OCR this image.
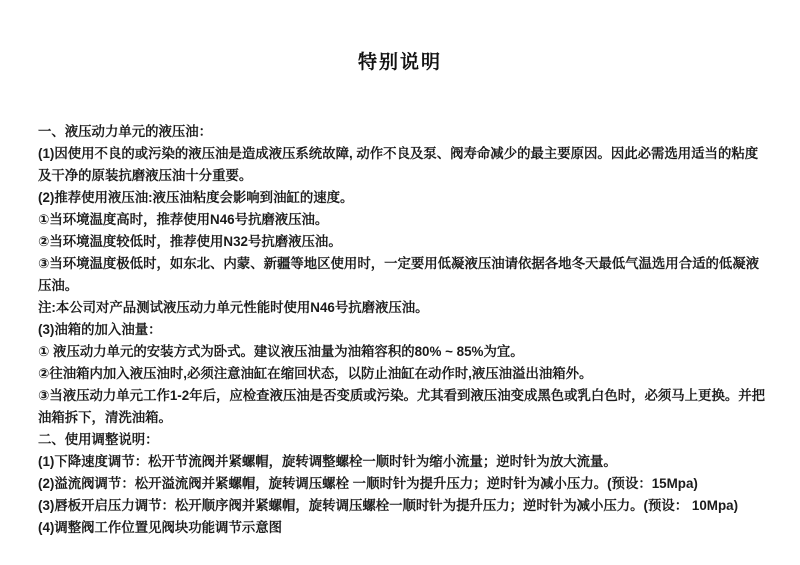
特别说明

一、液压动力单元的液压油：

(1)因使用不良的或污染的液压油是造成液压系统故障, 动作不良及泵、阀寿命减少的最主要原因。因此必需选用适当的粘度及干净的原装抗磨液压油十分重要。

(2)推荐使用液压油:液压油粘度会影响到油缸的速度。

①当环境温度高时，推荐使用N46号抗磨液压油。

②当环境温度较低时，推荐使用N32号抗磨液压油。

③当环境温度极低时，如东北、内蒙、新疆等地区使用时，一定要用低凝液压油请依据各地冬天最低气温选用合适的低凝液压油。

注:本公司对产品测试液压动力单元性能时使用N46号抗磨液压油。

(3)油箱的加入油量：

① 液压动力单元的安装方式为卧式。建议液压油量为油箱容积的80% ~ 85%为宜。

②往油箱内加入液压油时,必须注意油缸在缩回状态，以防止油缸在动作时,液压油溢出油箱外。

③当液压动力单元工作1-2年后，应检查液压油是否变质或污染。尤其看到液压油变成黑色或乳白色时，必须马上更换。并把油箱拆下，清洗油箱。

二、使用调整说明：

(1)下降速度调节：松开节流阀并紧螺帽，旋转调整螺栓一顺时针为缩小流量；逆时针为放大流量。

(2)溢流阀调节：松开溢流阀并紧螺帽，旋转调压螺栓 一顺时针为提升压力；逆时针为减小压力。(预设：15Mpa)

(3)唇板开启压力调节：松开顺序阀并紧螺帽，旋转调压螺栓一顺时针为提升压力；逆时针为减小压力。(预设： 10Mpa)

(4)调整阀工作位置见阀块功能调节示意图
